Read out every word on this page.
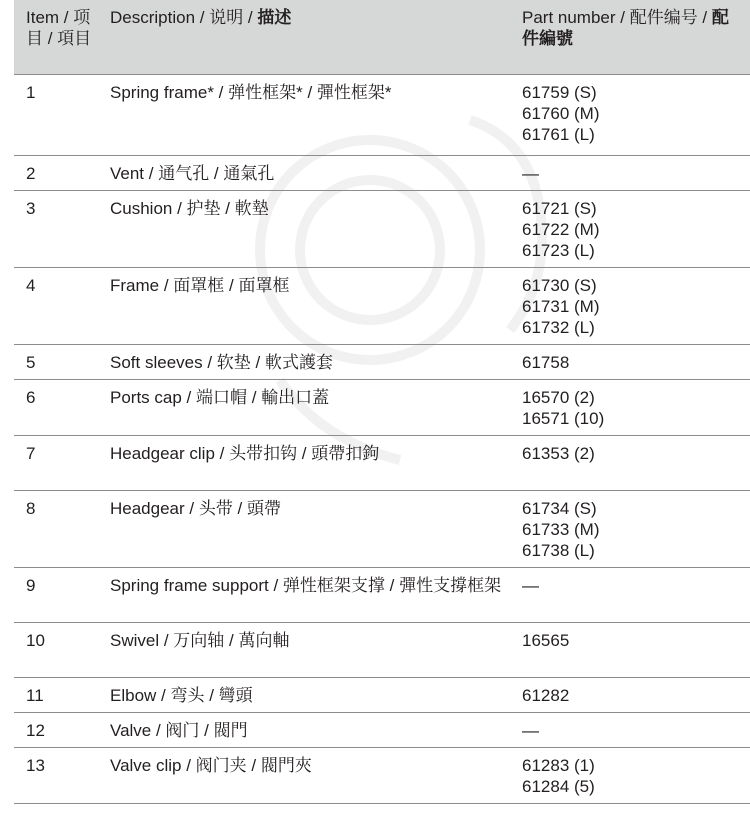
Item / 项目 / 項目	Description / 说明 / 描述	Part number / 配件编号 / 配件編號
1	Spring frame* / 弹性框架* / 彈性框架*	61759 (S)
61760 (M)
61761 (L)

2	Vent / 通气孔 / 通氣孔	—

3	Cushion / 护垫 / 軟墊	61721 (S)
61722 (M)
61723 (L)

4	Frame / 面罩框 / 面罩框	61730 (S)
61731 (M)
61732 (L)

5	Soft sleeves / 软垫 / 軟式護套	61758

6	Ports cap / 端口帽 / 輸出口蓋	16570 (2)
16571 (10)

7	Headgear clip / 头带扣钩 / 頭帶扣鉤	61353 (2)

8	Headgear / 头带 / 頭帶	61734 (S)
61733 (M)
61738 (L)

9	Spring frame support / 弹性框架支撑 / 彈性支撐框架	—

10	Swivel / 万向轴 / 萬向軸	16565

11	Elbow / 弯头 / 彎頭	61282

12	Valve / 阀门 / 閥門	—

13	Valve clip / 阀门夹 / 閥門夾	61283 (1)
61284 (5)
